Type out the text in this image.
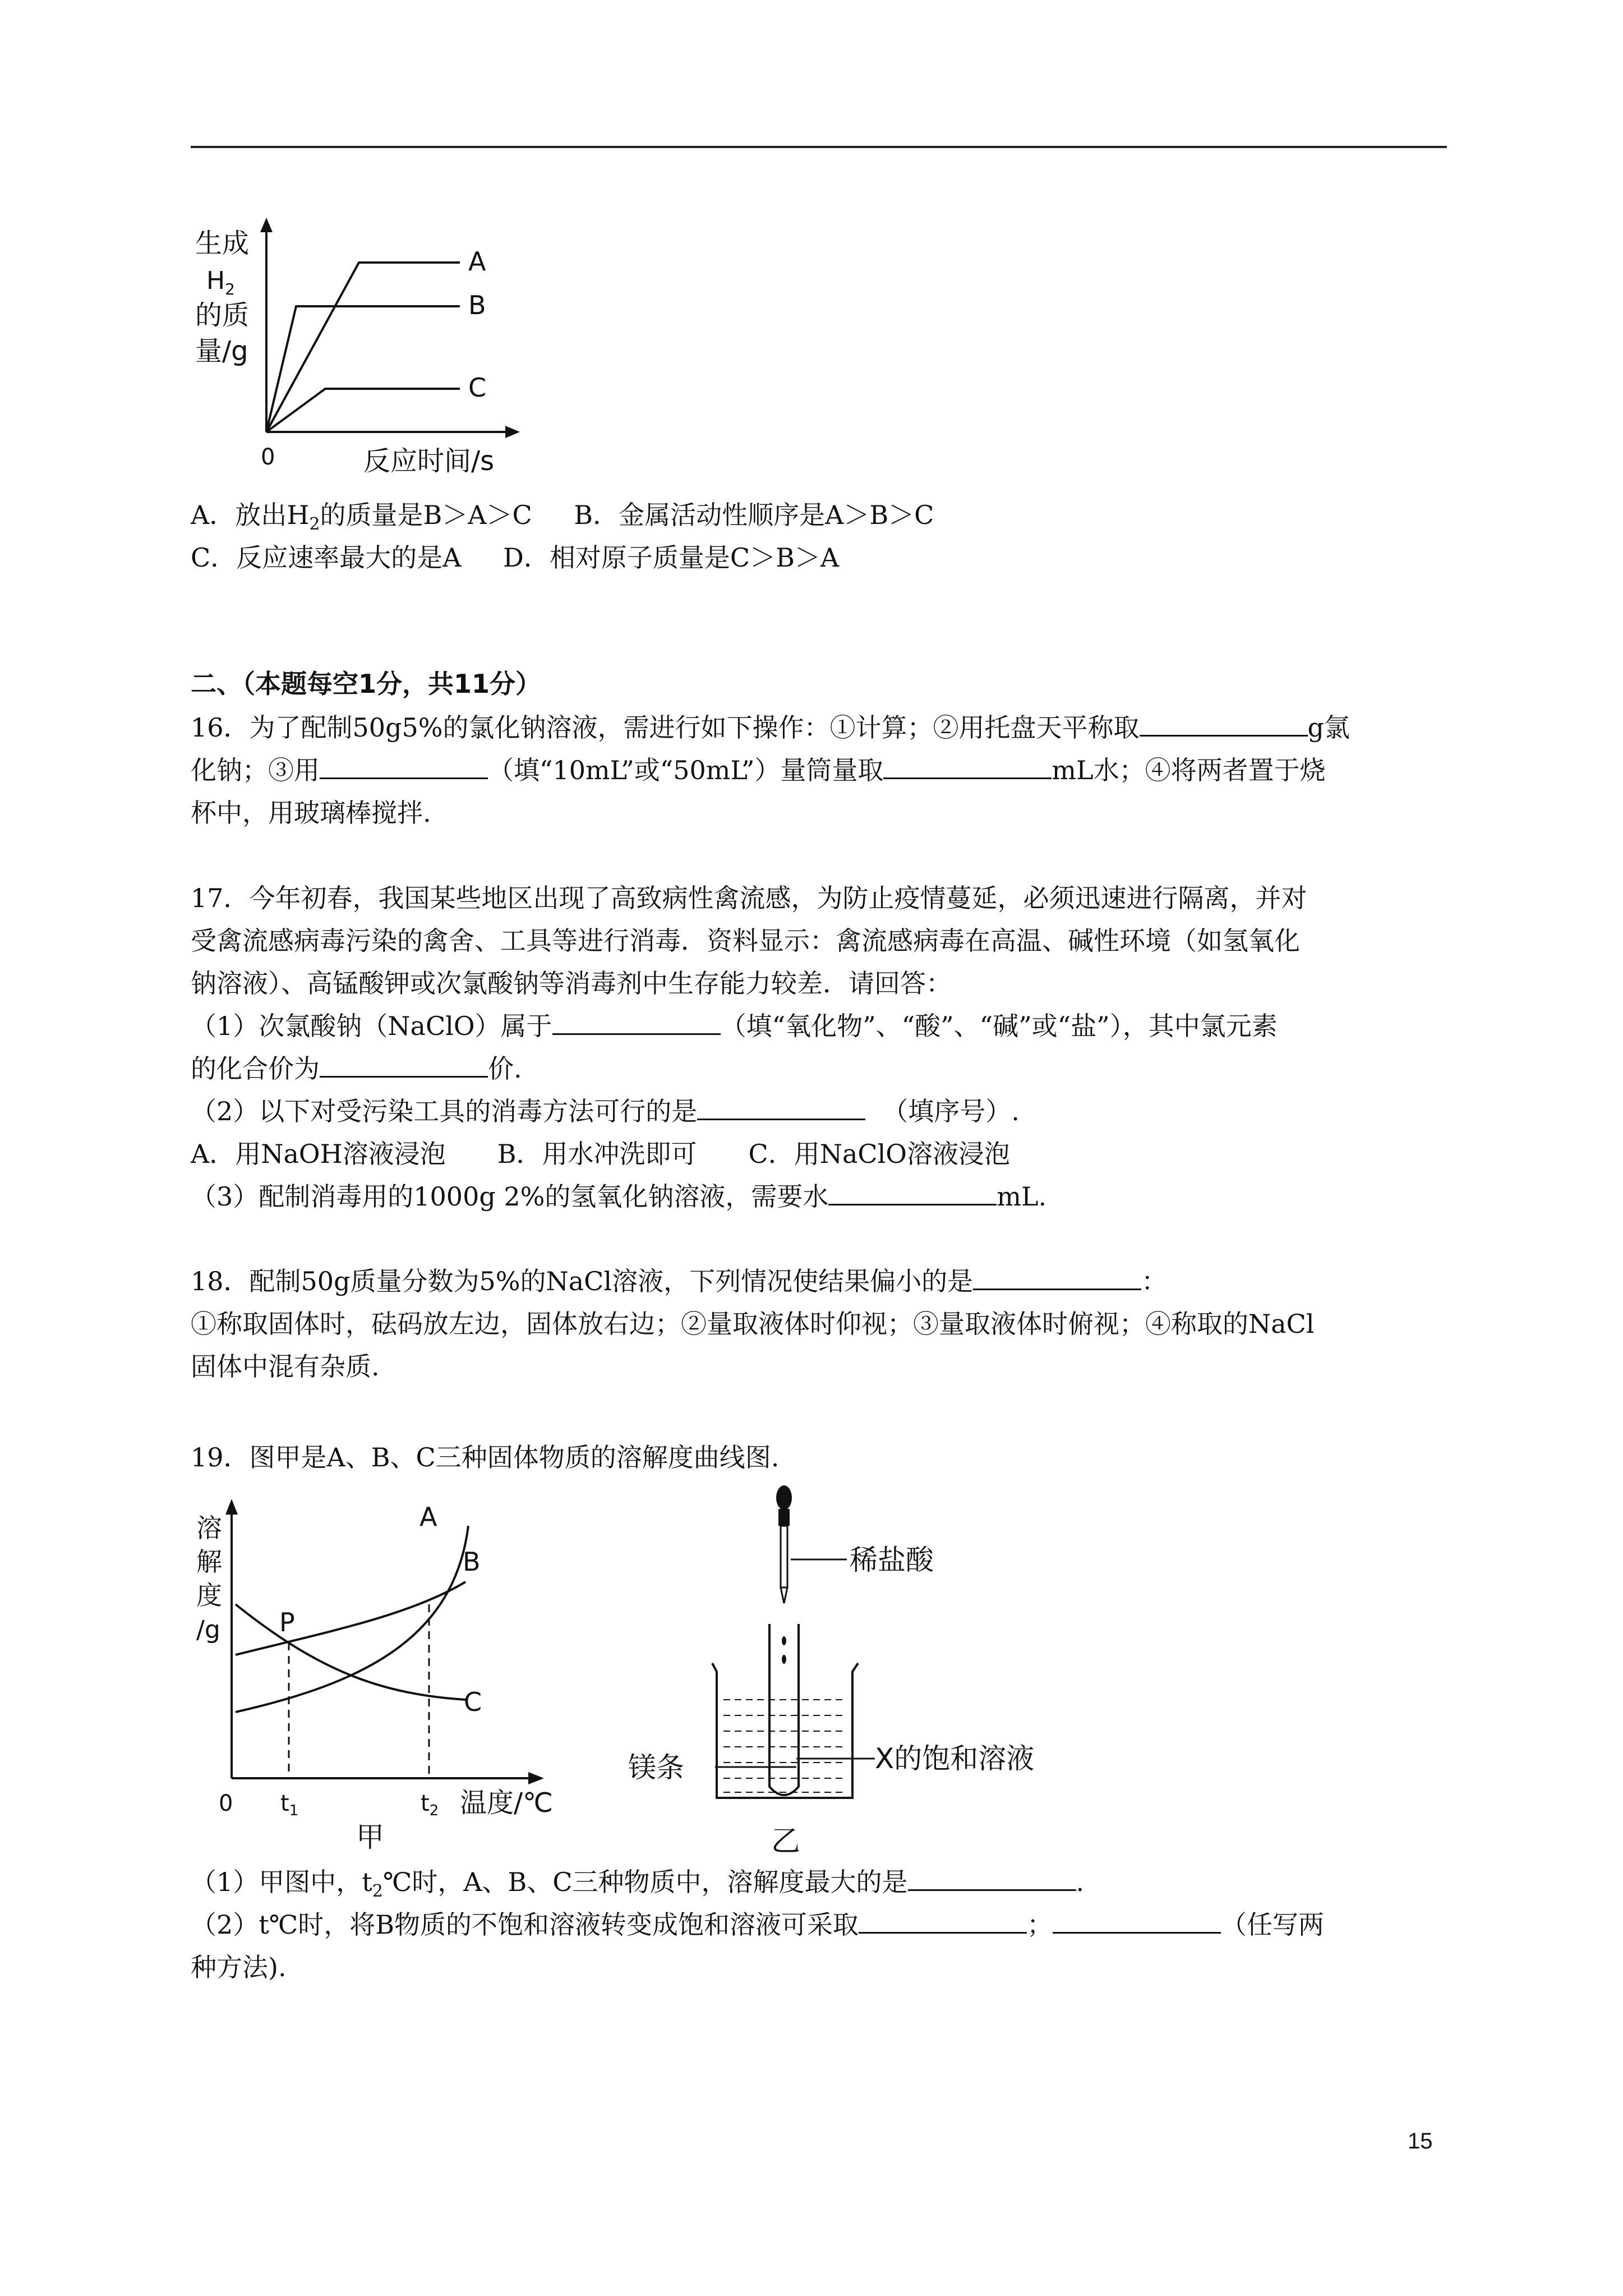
生成
$H_2$
的质
量/g
0	反应时间/s
A
B
C
A．放出$H_2$的质量是B＞A＞C B．金属活动性顺序是A＞B＞C
C．反应速率最大的是A D．相对原子质量是C＞B＞A
二、（本题每空1分，共11分）
16．为了配制50g5%的氯化钠溶液，需进行如下操作：①计算；②用托盘天平称取	g氯
化钠；③用	（填“10mL”或“50mL”）量筒量取	mL水；④将两者置于烧
杯中，用玻璃棒搅拌.
17．今年初春，我国某些地区出现了高致病性禽流感，为防止疫情蔓延，必须迅速进行隔离，并对
受禽流感病毒污染的禽舍、工具等进行消毒．资料显示：禽流感病毒在高温、碱性环境（如氢氧化
钠溶液）、高锰酸钾或次氯酸钠等消毒剂中生存能力较差．请回答：
（1）次氯酸钠（NaClO）属于	（填“氧化物”、“酸”、“碱”或“盐”），其中氯元素
的化合价为	价.
（2）以下对受污染工具的消毒方法可行的是	（填序号）.
A．用NaOH溶液浸泡　　B．用水冲洗即可　　C．用NaClO溶液浸泡
（3）配制消毒用的1000g 2%的氢氧化钠溶液，需要水	mL.
18．配制50g质量分数为5%的NaCl溶液，下列情况使结果偏小的是	：
①称取固体时，砝码放左边，固体放右边；②量取液体时仰视；③量取液体时俯视；④称取的NaCl
固体中混有杂质.
19．图甲是A、B、C三种固体物质的溶解度曲线图.
溶
解
度
/g
A
B
C
P
0 $t_1$	$t_2$ 温度/℃
甲
稀盐酸
镁条	X的饱和溶液
乙
（1）甲图中，$t_2℃$时，A、B、C三种物质中，溶解度最大的是	.
（2）t℃时，将B物质的不饱和溶液转变成饱和溶液可采取	；	（任写两
种方法).
15
